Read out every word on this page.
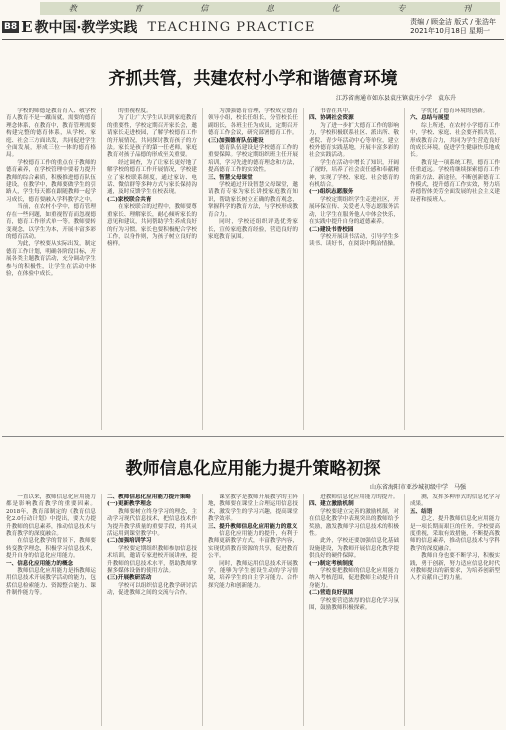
教	育	信	息	化	专	刊
B8 E 教中国·教学实践 TEACHING PRACTICE	责编 / 顾金洁 版式 / 张浩年
2021年10月18日 星期一
齐抓共管，共建农村小学和谐德育环境
江苏省南通市如东县袁庄镇袁庄小学　袁东升

学校的师德是教育育人、敬学校育人教育不是一蹴而就，需要的德育理念体系，在教育中，教育管理需要构建完整的德育体系，从学校、家庭、社会三方面出发，共同促进学生全面发展，形成三位一体的德育格局。

学校德育工作的重点在于教师的德育素养，在学校管理中要着力提升教师的综合素质，积极推进德育队伍建设。在教学中，教师要做学生的引路人，学生每天都在跟随教师一起学习成长，德育要融入学科教学之中。

当前，在农村小学中，德育管理存在一些问题，如重视智育而忽视德育，德育工作形式单一等。教师要转变观念，以学生为本，开展丰富多彩的德育活动。

为此，学校要从实际出发，制定德育工作计划，明确各阶段目标，开展各类主题教育活动，充分调动学生参与的积极性，让学生在活动中体验，在体验中成长。

的重视程度。

为了让广大学生认识到家庭教育的重要性，学校定期召开家长会，邀请家长走进校园，了解学校德育工作的开展情况，共同探讨教育孩子的方法。家长是孩子的第一任老师，家庭教育对孩子品德的形成至关重要。

经过调查，为了让家长更好地了解学校的德育工作开展情况，学校建立了家校联系制度，通过家访、电话、微信群等多种方式与家长保持沟通，及时反馈学生在校表现。

(二)家校联合共育

在家校联合的过程中，教师要尊重家长、理解家长，耐心倾听家长的意见和建议，共同帮助学生养成良好的行为习惯。家长也要积极配合学校工作，以身作则，为孩子树立良好的榜样。

为加强德育管理，学校成立德育领导小组，校长任组长，分管校长任副组长，各班主任为成员，定期召开德育工作会议，研究部署德育工作。

(三)加强德育队伍建设

德育队伍建设是学校德育工作的重要保障。学校定期组织班主任开展培训，学习先进的德育理念和方法，提高德育工作的实效性。

三、智慧父母课堂

学校通过开设智慧父母课堂，邀请教育专家为家长讲授家庭教育知识，帮助家长树立正确的教育观念，掌握科学的教育方法，与学校形成教育合力。

同时，学校还组织评选优秀家长，宣传家庭教育经验，营造良好的家庭教育氛围。

书香在其中。

四、协调社会资源

为了进一步扩大德育工作的影响力，学校积极联系社区、派出所、敬老院、青少年活动中心等单位，建立校外德育实践基地，开展丰富多彩的社会实践活动。

学生在活动中增长了知识，开阔了视野，培养了社会责任感和奉献精神，实现了学校、家庭、社会德育的有机结合。

(一)组织志愿服务

学校定期组织学生走进社区，开展环保宣传、关爱老人等志愿服务活动，让学生在服务他人中体会快乐，在实践中提升自身的道德素养。

(二)建设书香校园

学校开展读书活动，引导学生多读书、读好书，在阅读中陶冶情操。

学优化了德育环境的创新。

六、总结与展望

综上所述，在农村小学德育工作中，学校、家庭、社会要齐抓共管，形成教育合力，共同为学生营造良好的成长环境，促进学生健康快乐地成长。

教育是一项系统工程，德育工作任重道远。学校将继续探索德育工作的新方法、新途径，不断创新德育工作模式，提升德育工作实效，努力培养德智体美劳全面发展的社会主义建设者和接班人。

教师信息化应用能力提升策略初探
山东省海阳市亚沙城初级中学　马强

一直以来，教师信息化应用能力都是影响教育教学的重要因素。2018年，教育部制定的《教育信息化2.0行动计划》中提出，要大力提升教师的信息素养，推动信息技术与教育教学的深度融合。

在信息化教学的背景下，教师要转变教学理念，积极学习信息技术，提升自身的信息化应用能力。

一、信息化应用能力的概念

教师信息化应用能力是指教师运用信息技术开展教学活动的能力，包括信息检索能力、资源整合能力、课件制作能力等。

二、教师信息化应用能力提升策略

(一)更新教学理念

教师要树立终身学习的理念，主动学习现代信息技术，把信息技术作为提升教学质量的重要手段，将其灵活运用到课堂教学中。

(二)加强培训学习

学校要定期组织教师参加信息技术培训，邀请专家进校开展讲座，提升教师的信息技术水平，帮助教师掌握多媒体设备的使用方法。

(三)开展教研活动

学校可以组织信息化教学研讨活动，促进教师之间的交流与合作。

课堂教学是教师开展教学的主阵地，教师要在课堂上合理运用信息技术，激发学生的学习兴趣，提高课堂教学效率。

三、提升教师信息化应用能力的意义

信息化应用能力的提升，有利于教师更新教学方式，丰富教学内容，实现优质教育资源的共享，促进教育公平。

同时，教师运用信息技术开展教学，能够为学生创设生动的学习情境，培养学生的自主学习能力、合作探究能力和创新能力。

进教师信息化应用能力的提升。

四、建立激励机制

学校要建立完善的激励机制，对在信息化教学中表现突出的教师给予奖励，激发教师学习信息技术的积极性。

此外，学校还要加强信息化基础设施建设，为教师开展信息化教学提供良好的硬件保障。

(一)制定考核制度

学校要把教师的信息化应用能力纳入考核范围，促进教师主动提升自身能力。

(二)营造良好氛围

学校要营造浓厚的信息化学习氛围，鼓励教师积极探索。

测，发挥多种形式的信息化学习成果。

五、结语

总之，提升教师信息化应用能力是一项长期而艰巨的任务。学校要高度重视，采取有效措施，不断提高教师的信息素养，推动信息技术与学科教学的深度融合。

教师自身也要不断学习，积极实践，勇于创新，努力适应信息化时代对教师提出的新要求，为培养创新型人才贡献自己的力量。
